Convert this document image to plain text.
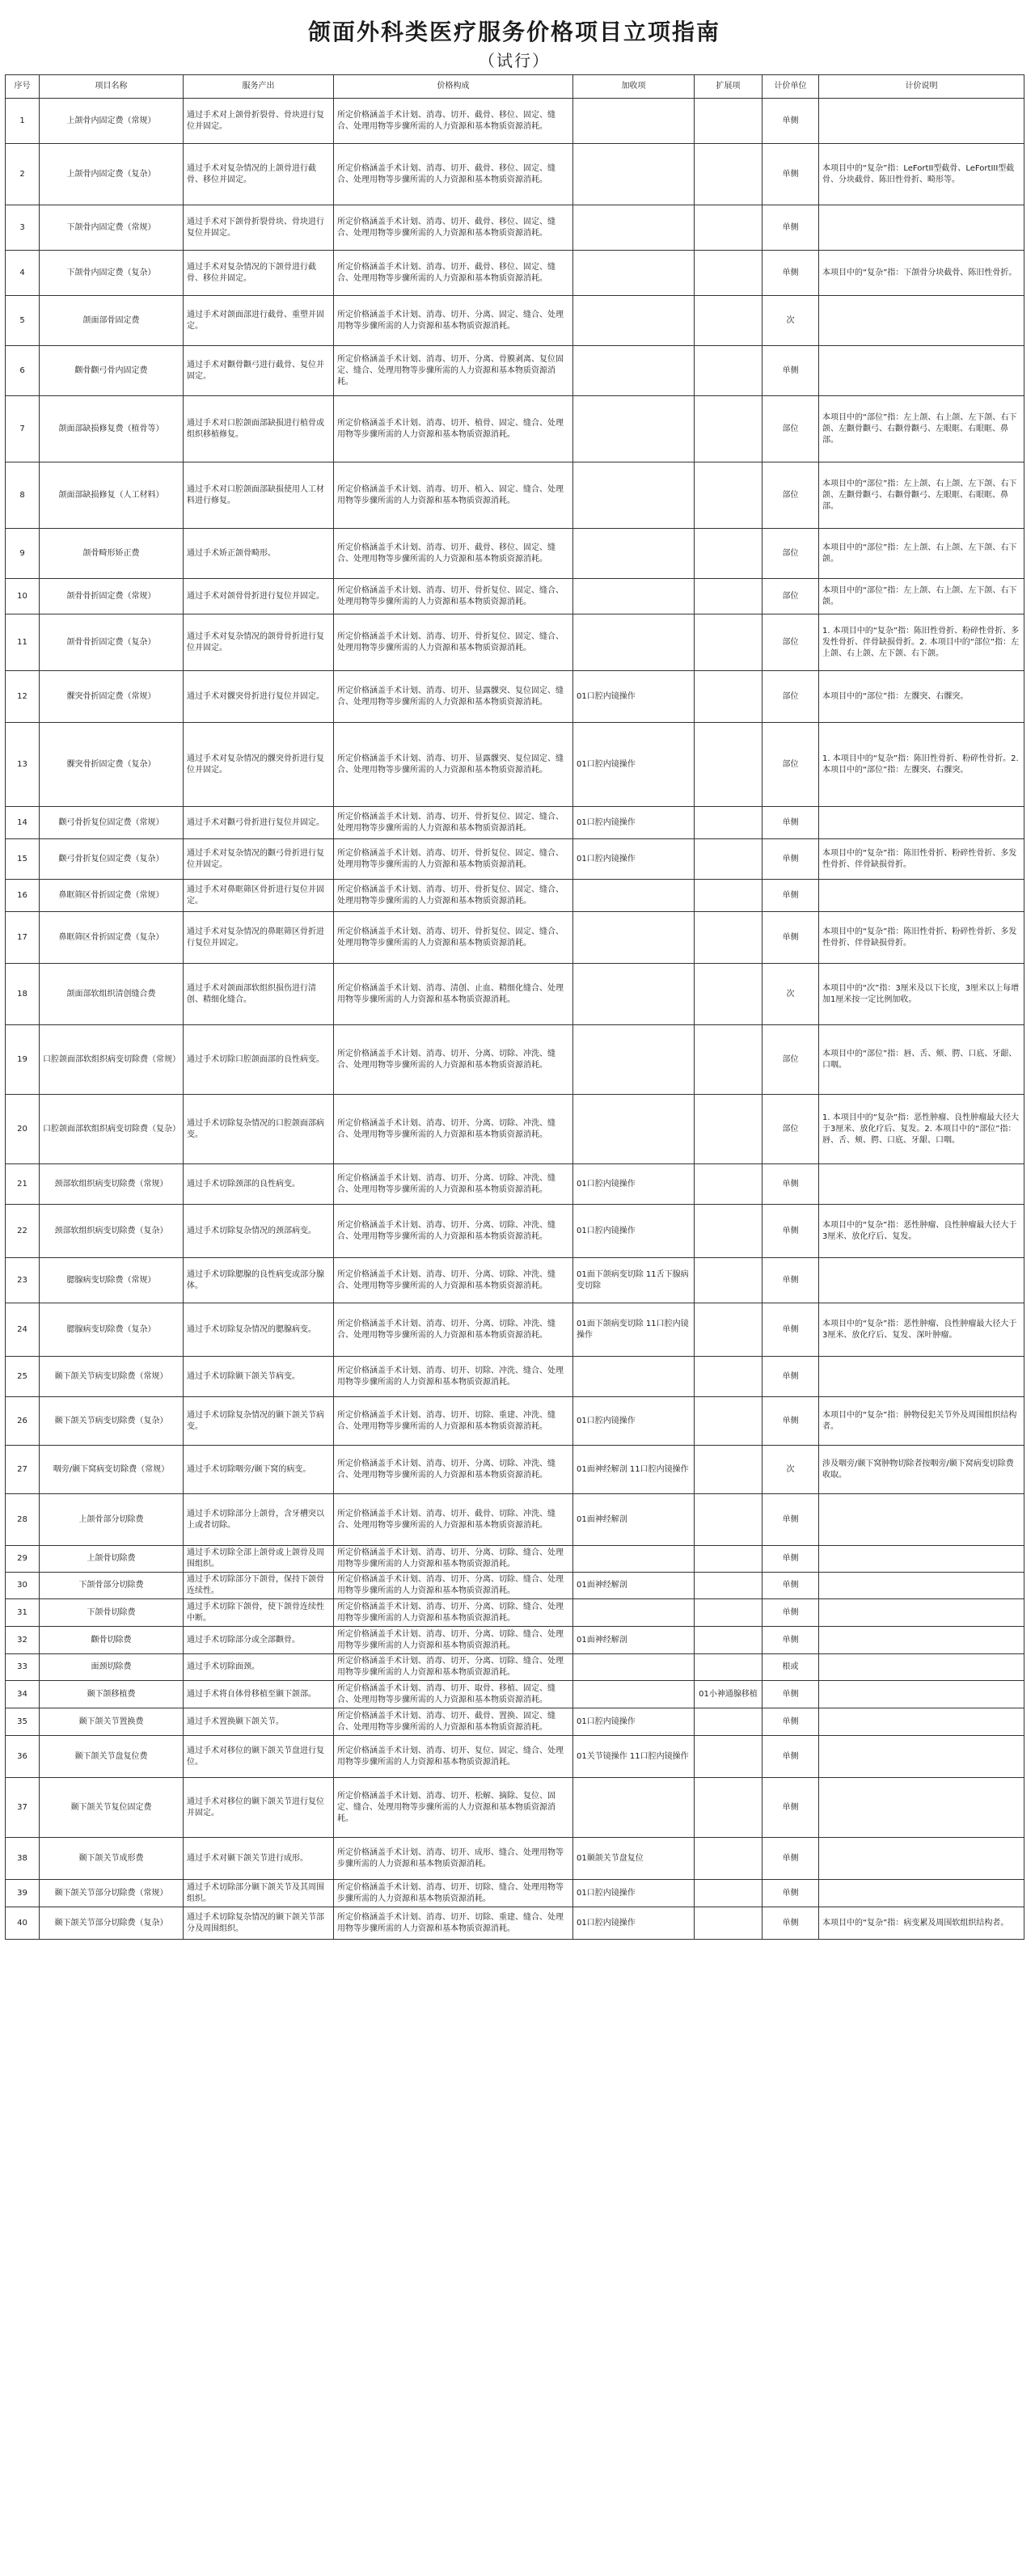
颌面外科类医疗服务价格项目立项指南
（试行）
序号	项目名称	服务产出	价格构成	加收项	扩展项	计价单位	计价说明
1	上颌骨内固定费（常规）	通过手术对上颌骨折裂骨、骨块进行复位并固定。	所定价格涵盖手术计划、消毒、切开、截骨、移位、固定、缝合、处理用物等步骤所需的人力资源和基本物质资源消耗。			单侧	
2	上颌骨内固定费（复杂）	通过手术对复杂情况的上颌骨进行截骨、移位并固定。	所定价格涵盖手术计划、消毒、切开、截骨、移位、固定、缝合、处理用物等步骤所需的人力资源和基本物质资源消耗。			单侧	本项目中的“复杂”指：LeFortII型截骨、LeFortIII型截骨、分块截骨、陈旧性骨折、畸形等。
3	下颌骨内固定费（常规）	通过手术对下颌骨折裂骨块、骨块进行复位并固定。	所定价格涵盖手术计划、消毒、切开、截骨、移位、固定、缝合、处理用物等步骤所需的人力资源和基本物质资源消耗。			单侧	
4	下颌骨内固定费（复杂）	通过手术对复杂情况的下颌骨进行截骨、移位并固定。	所定价格涵盖手术计划、消毒、切开、截骨、移位、固定、缝合、处理用物等步骤所需的人力资源和基本物质资源消耗。			单侧	本项目中的“复杂”指：下颌骨分块截骨、陈旧性骨折。
5	颌面部骨固定费	通过手术对颌面部进行截骨、重塑并固定。	所定价格涵盖手术计划、消毒、切开、分离、固定、缝合、处理用物等步骤所需的人力资源和基本物质资源消耗。			次	
6	颧骨颧弓骨内固定费	通过手术对颧骨颧弓进行截骨、复位并固定。	所定价格涵盖手术计划、消毒、切开、分离、骨膜剥离、复位固定、缝合、处理用物等步骤所需的人力资源和基本物质资源消耗。			单侧	
7	颌面部缺损修复费（植骨等）	通过手术对口腔颌面部缺损进行植骨或组织移植修复。	所定价格涵盖手术计划、消毒、切开、植骨、固定、缝合、处理用物等步骤所需的人力资源和基本物质资源消耗。			部位	本项目中的“部位”指：左上颌、右上颌、左下颌、右下颌、左颧骨颧弓、右颧骨颧弓、左眼眶、右眼眶、鼻部。
8	颌面部缺损修复（人工材料）	通过手术对口腔颌面部缺损使用人工材料进行修复。	所定价格涵盖手术计划、消毒、切开、植入、固定、缝合、处理用物等步骤所需的人力资源和基本物质资源消耗。			部位	本项目中的“部位”指：左上颌、右上颌、左下颌、右下颌、左颧骨颧弓、右颧骨颧弓、左眼眶、右眼眶、鼻部。
9	颌骨畸形矫正费	通过手术矫正颌骨畸形。	所定价格涵盖手术计划、消毒、切开、截骨、移位、固定、缝合、处理用物等步骤所需的人力资源和基本物质资源消耗。			部位	本项目中的“部位”指：左上颌、右上颌、左下颌、右下颌。
10	颌骨骨折固定费（常规）	通过手术对颌骨骨折进行复位并固定。	所定价格涵盖手术计划、消毒、切开、骨折复位、固定、缝合、处理用物等步骤所需的人力资源和基本物质资源消耗。			部位	本项目中的“部位”指：左上颌、右上颌、左下颌、右下颌。
11	颌骨骨折固定费（复杂）	通过手术对复杂情况的颌骨骨折进行复位并固定。	所定价格涵盖手术计划、消毒、切开、骨折复位、固定、缝合、处理用物等步骤所需的人力资源和基本物质资源消耗。			部位	1. 本项目中的“复杂”指：陈旧性骨折、粉碎性骨折、多发性骨折、伴骨缺损骨折。2. 本项目中的“部位”指：左上颌、右上颌、左下颌、右下颌。
12	髁突骨折固定费（常规）	通过手术对髁突骨折进行复位并固定。	所定价格涵盖手术计划、消毒、切开、显露髁突、复位固定、缝合、处理用物等步骤所需的人力资源和基本物质资源消耗。	01口腔内镜操作		部位	本项目中的“部位”指：左髁突、右髁突。
13	髁突骨折固定费（复杂）	通过手术对复杂情况的髁突骨折进行复位并固定。	所定价格涵盖手术计划、消毒、切开、显露髁突、复位固定、缝合、处理用物等步骤所需的人力资源和基本物质资源消耗。	01口腔内镜操作		部位	1. 本项目中的“复杂”指：陈旧性骨折、粉碎性骨折。2. 本项目中的“部位”指：左髁突、右髁突。
14	颧弓骨折复位固定费（常规）	通过手术对颧弓骨折进行复位并固定。	所定价格涵盖手术计划、消毒、切开、骨折复位、固定、缝合、处理用物等步骤所需的人力资源和基本物质资源消耗。	01口腔内镜操作		单侧	
15	颧弓骨折复位固定费（复杂）	通过手术对复杂情况的颧弓骨折进行复位并固定。	所定价格涵盖手术计划、消毒、切开、骨折复位、固定、缝合、处理用物等步骤所需的人力资源和基本物质资源消耗。	01口腔内镜操作		单侧	本项目中的“复杂”指：陈旧性骨折、粉碎性骨折、多发性骨折、伴骨缺损骨折。
16	鼻眶筛区骨折固定费（常规）	通过手术对鼻眶筛区骨折进行复位并固定。	所定价格涵盖手术计划、消毒、切开、骨折复位、固定、缝合、处理用物等步骤所需的人力资源和基本物质资源消耗。			单侧	
17	鼻眶筛区骨折固定费（复杂）	通过手术对复杂情况的鼻眶筛区骨折进行复位并固定。	所定价格涵盖手术计划、消毒、切开、骨折复位、固定、缝合、处理用物等步骤所需的人力资源和基本物质资源消耗。			单侧	本项目中的“复杂”指：陈旧性骨折、粉碎性骨折、多发性骨折、伴骨缺损骨折。
18	颌面部软组织清创缝合费	通过手术对颌面部软组织损伤进行清创、精细化缝合。	所定价格涵盖手术计划、消毒、清创、止血、精细化缝合、处理用物等步骤所需的人力资源和基本物质资源消耗。			次	本项目中的“次”指：3厘米及以下长度，3厘米以上每增加1厘米按一定比例加收。
19	口腔颌面部软组织病变切除费（常规）	通过手术切除口腔颌面部的良性病变。	所定价格涵盖手术计划、消毒、切开、分离、切除、冲洗、缝合、处理用物等步骤所需的人力资源和基本物质资源消耗。			部位	本项目中的“部位”指：唇、舌、颊、腭、口底、牙龈、口咽。
20	口腔颌面部软组织病变切除费（复杂）	通过手术切除复杂情况的口腔颌面部病变。	所定价格涵盖手术计划、消毒、切开、分离、切除、冲洗、缝合、处理用物等步骤所需的人力资源和基本物质资源消耗。			部位	1. 本项目中的“复杂”指：恶性肿瘤、良性肿瘤最大径大于3厘米、放化疗后、复发。2. 本项目中的“部位”指：唇、舌、颊、腭、口底、牙龈、口咽。
21	颈部软组织病变切除费（常规）	通过手术切除颈部的良性病变。	所定价格涵盖手术计划、消毒、切开、分离、切除、冲洗、缝合、处理用物等步骤所需的人力资源和基本物质资源消耗。	01口腔内镜操作		单侧	
22	颈部软组织病变切除费（复杂）	通过手术切除复杂情况的颈部病变。	所定价格涵盖手术计划、消毒、切开、分离、切除、冲洗、缝合、处理用物等步骤所需的人力资源和基本物质资源消耗。	01口腔内镜操作		单侧	本项目中的“复杂”指：恶性肿瘤、良性肿瘤最大径大于3厘米、放化疗后、复发。
23	腮腺病变切除费（常规）	通过手术切除腮腺的良性病变或部分腺体。	所定价格涵盖手术计划、消毒、切开、分离、切除、冲洗、缝合、处理用物等步骤所需的人力资源和基本物质资源消耗。	01面下颌病变切除 11舌下腺病变切除		单侧	
24	腮腺病变切除费（复杂）	通过手术切除复杂情况的腮腺病变。	所定价格涵盖手术计划、消毒、切开、分离、切除、冲洗、缝合、处理用物等步骤所需的人力资源和基本物质资源消耗。	01面下颌病变切除 11口腔内镜操作		单侧	本项目中的“复杂”指：恶性肿瘤、良性肿瘤最大径大于3厘米、放化疗后、复发、深叶肿瘤。
25	颞下颌关节病变切除费（常规）	通过手术切除颞下颌关节病变。	所定价格涵盖手术计划、消毒、切开、切除、冲洗、缝合、处理用物等步骤所需的人力资源和基本物质资源消耗。			单侧	
26	颞下颌关节病变切除费（复杂）	通过手术切除复杂情况的颞下颌关节病变。	所定价格涵盖手术计划、消毒、切开、切除、重建、冲洗、缝合、处理用物等步骤所需的人力资源和基本物质资源消耗。	01口腔内镜操作		单侧	本项目中的“复杂”指：肿物侵犯关节外及周围组织结构者。
27	咽旁/颞下窝病变切除费（常规）	通过手术切除咽旁/颞下窝的病变。	所定价格涵盖手术计划、消毒、切开、分离、切除、冲洗、缝合、处理用物等步骤所需的人力资源和基本物质资源消耗。	01面神经解剖 11口腔内镜操作		次	涉及咽旁/颞下窝肿物切除者按咽旁/颞下窝病变切除费收取。
28	上颌骨部分切除费	通过手术切除部分上颌骨，含牙槽突以上或者切除。	所定价格涵盖手术计划、消毒、切开、截骨、切除、冲洗、缝合、处理用物等步骤所需的人力资源和基本物质资源消耗。	01面神经解剖		单侧	
29	上颌骨切除费	通过手术切除全部上颌骨或上颌骨及周围组织。	所定价格涵盖手术计划、消毒、切开、分离、切除、缝合、处理用物等步骤所需的人力资源和基本物质资源消耗。			单侧	
30	下颌骨部分切除费	通过手术切除部分下颌骨，保持下颌骨连续性。	所定价格涵盖手术计划、消毒、切开、分离、切除、缝合、处理用物等步骤所需的人力资源和基本物质资源消耗。	01面神经解剖		单侧	
31	下颌骨切除费	通过手术切除下颌骨，使下颌骨连续性中断。	所定价格涵盖手术计划、消毒、切开、分离、切除、缝合、处理用物等步骤所需的人力资源和基本物质资源消耗。			单侧	
32	颧骨切除费	通过手术切除部分或全部颧骨。	所定价格涵盖手术计划、消毒、切开、分离、切除、缝合、处理用物等步骤所需的人力资源和基本物质资源消耗。	01面神经解剖		单侧	
33	面颈切除费	通过手术切除面颈。	所定价格涵盖手术计划、消毒、切开、分离、切除、缝合、处理用物等步骤所需的人力资源和基本物质资源消耗。			根或	
34	颞下颌移植费	通过手术将自体骨移植至颞下颌部。	所定价格涵盖手术计划、消毒、切开、取骨、移植、固定、缝合、处理用物等步骤所需的人力资源和基本物质资源消耗。		01小神通腺移植	单侧	
35	颞下颌关节置换费	通过手术置换颞下颌关节。	所定价格涵盖手术计划、消毒、切开、截骨、置换、固定、缝合、处理用物等步骤所需的人力资源和基本物质资源消耗。	01口腔内镜操作		单侧	
36	颞下颌关节盘复位费	通过手术对移位的颞下颌关节盘进行复位。	所定价格涵盖手术计划、消毒、切开、复位、固定、缝合、处理用物等步骤所需的人力资源和基本物质资源消耗。	01关节镜操作 11口腔内镜操作		单侧	
37	颞下颌关节复位固定费	通过手术对移位的颞下颌关节进行复位并固定。	所定价格涵盖手术计划、消毒、切开、松解、摘除、复位、固定、缝合、处理用物等步骤所需的人力资源和基本物质资源消耗。			单侧	
38	颞下颌关节成形费	通过手术对颞下颌关节进行成形。	所定价格涵盖手术计划、消毒、切开、成形、缝合、处理用物等步骤所需的人力资源和基本物质资源消耗。	01颞颌关节盘复位		单侧	
39	颞下颌关节部分切除费（常规）	通过手术切除部分颞下颌关节及其周围组织。	所定价格涵盖手术计划、消毒、切开、切除、缝合、处理用物等步骤所需的人力资源和基本物质资源消耗。	01口腔内镜操作		单侧	
40	颞下颌关节部分切除费（复杂）	通过手术切除复杂情况的颞下颌关节部分及周围组织。	所定价格涵盖手术计划、消毒、切开、切除、重建、缝合、处理用物等步骤所需的人力资源和基本物质资源消耗。	01口腔内镜操作		单侧	本项目中的“复杂”指：病变累及周围软组织结构者。
